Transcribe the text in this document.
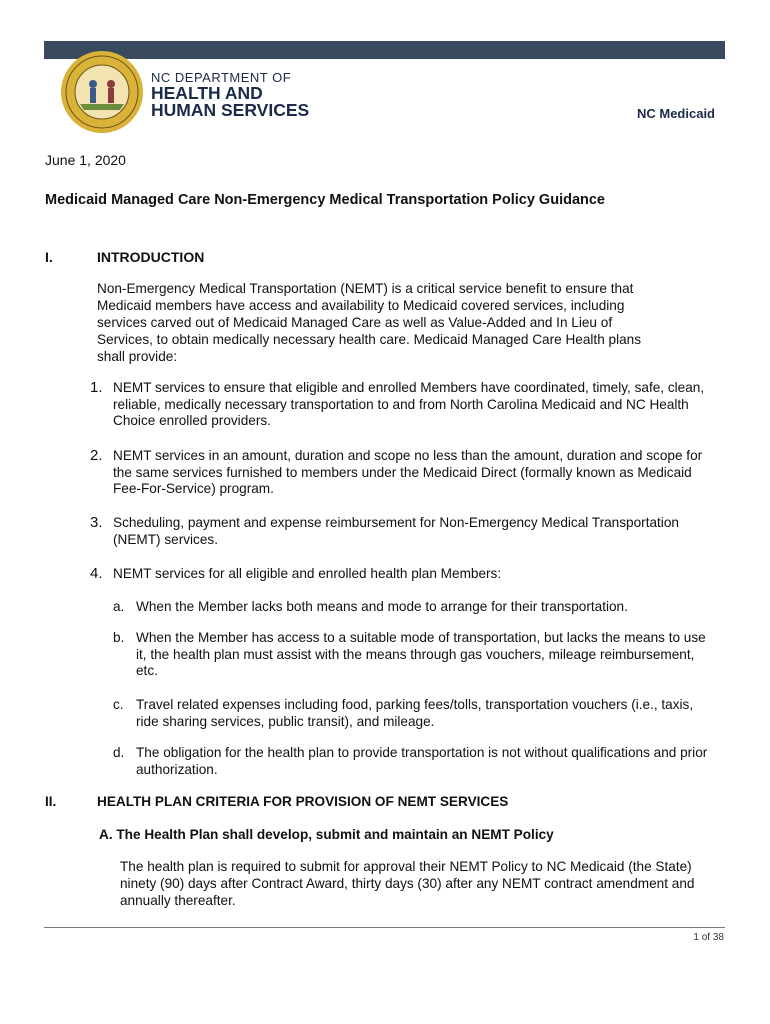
NC DEPARTMENT OF
HEALTH AND
HUMAN SERVICES	NC Medicaid
June 1, 2020
Medicaid Managed Care Non-Emergency Medical Transportation Policy Guidance
I.	INTRODUCTION
Non-Emergency Medical Transportation (NEMT) is a critical service benefit to ensure that
Medicaid members have access and availability to Medicaid covered services, including
services carved out of Medicaid Managed Care as well as Value-Added and In Lieu of
Services, to obtain medically necessary health care. Medicaid Managed Care Health plans
shall provide:
1. NEMT services to ensure that eligible and enrolled Members have coordinated, timely, safe, clean,
reliable, medically necessary transportation to and from North Carolina Medicaid and NC Health
Choice enrolled providers.
2. NEMT services in an amount, duration and scope no less than the amount, duration and scope for
the same services furnished to members under the Medicaid Direct (formally known as Medicaid
Fee-For-Service) program.
3. Scheduling, payment and expense reimbursement for Non-Emergency Medical Transportation
(NEMT) services.
4. NEMT services for all eligible and enrolled health plan Members:
a. When the Member lacks both means and mode to arrange for their transportation.
b. When the Member has access to a suitable mode of transportation, but lacks the means to use
it, the health plan must assist with the means through gas vouchers, mileage reimbursement,
etc.
c. Travel related expenses including food, parking fees/tolls, transportation vouchers (i.e., taxis,
ride sharing services, public transit), and mileage.
d. The obligation for the health plan to provide transportation is not without qualifications and prior
authorization.
II.	HEALTH PLAN CRITERIA FOR PROVISION OF NEMT SERVICES
A. The Health Plan shall develop, submit and maintain an NEMT Policy
The health plan is required to submit for approval their NEMT Policy to NC Medicaid (the State)
ninety (90) days after Contract Award, thirty days (30) after any NEMT contract amendment and
annually thereafter.
1 of 38
